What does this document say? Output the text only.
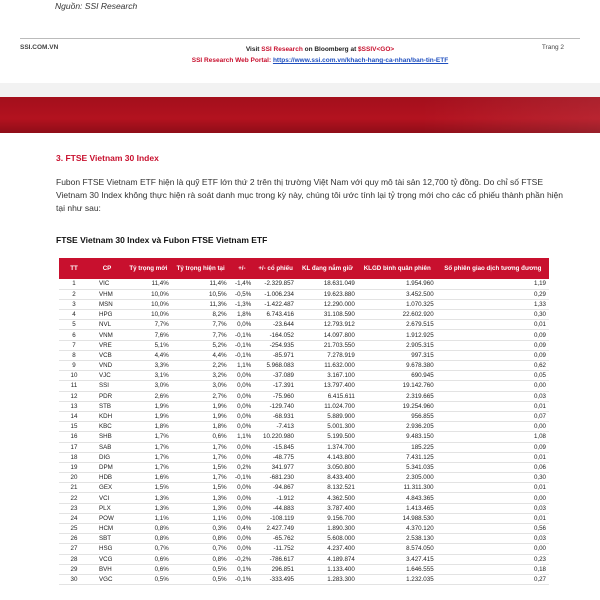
Nguồn: SSI Research
SSI.COM.VN	Visit SSI Research on Bloomberg at $SSIV<GO>
SSI Research Web Portal: https://www.ssi.com.vn/khach-hang-ca-nhan/ban-tin-ETF
Trang 2
3. FTSE Vietnam 30 Index
Fubon FTSE Vietnam ETF hiện là quỹ ETF lớn thứ 2 trên thị trường Việt Nam với quy mô tài sản 12,700 tỷ đồng. Do chỉ số FTSE Vietnam 30 Index không thực hiện rà soát danh mục trong kỳ này, chúng tôi ước tính lại tỷ trọng mới cho các cổ phiếu thành phần hiện tại như sau:
FTSE Vietnam 30 Index và Fubon FTSE Vietnam ETF
TT	CP	Tỷ trọng mới	Tỷ trọng hiện tại	+/-	+/- cổ phiếu	KL đang nắm giữ	KLGD bình quân phiên	Số phiên giao dịch tương đương
1	VIC	11,4%	11,4%	-1,4%	-2.329.857	18.631.049	1.954.960	1,19
2	VHM	10,0%	10,5%	-0,5%	-1.006.234	19.623.880	3.452.500	0,29
3	MSN	10,0%	11,3%	-1,3%	-1.422.487	12.290.000	1.070.325	1,33
4	HPG	10,0%	8,2%	1,8%	6.743.416	31.108.590	22.602.920	0,30
5	NVL	7,7%	7,7%	0,0%	-23.644	12.793.912	2.679.515	0,01
6	VNM	7,6%	7,7%	-0,1%	-164.052	14.097.800	1.912.925	0,09
7	VRE	5,1%	5,2%	-0,1%	-254.935	21.703.550	2.905.315	0,09
8	VCB	4,4%	4,4%	-0,1%	-85.971	7.278.919	997.315	0,09
9	VND	3,3%	2,2%	1,1%	5.968.083	11.632.000	9.678.380	0,62
10	VJC	3,1%	3,2%	0,0%	-37.089	3.167.100	690.945	0,05
11	SSI	3,0%	3,0%	0,0%	-17.391	13.797.400	19.142.760	0,00
12	PDR	2,6%	2,7%	0,0%	-75.960	6.415.611	2.319.665	0,03
13	STB	1,9%	1,9%	0,0%	-129.740	11.024.700	19.254.960	0,01
14	KDH	1,9%	1,9%	0,0%	-68.931	5.889.900	956.855	0,07
15	KBC	1,8%	1,8%	0,0%	-7.413	5.001.300	2.936.205	0,00
16	SHB	1,7%	0,6%	1,1%	10.220.980	5.199.500	9.483.150	1,08
17	SAB	1,7%	1,7%	0,0%	-15.845	1.374.700	185.225	0,09
18	DIG	1,7%	1,7%	0,0%	-48.775	4.143.800	7.431.125	0,01
19	DPM	1,7%	1,5%	0,2%	341.977	3.050.800	5.341.035	0,06
20	HDB	1,6%	1,7%	-0,1%	-681.230	8.433.400	2.305.000	0,30
21	GEX	1,5%	1,5%	0,0%	-94.867	8.132.521	11.311.300	0,01
22	VCI	1,3%	1,3%	0,0%	-1.912	4.362.500	4.843.365	0,00
23	PLX	1,3%	1,3%	0,0%	-44.883	3.787.400	1.413.465	0,03
24	POW	1,1%	1,1%	0,0%	-108.119	9.156.700	14.988.530	0,01
25	HCM	0,8%	0,3%	0,4%	2.427.749	1.890.300	4.370.120	0,56
26	SBT	0,8%	0,8%	0,0%	-65.762	5.608.000	2.538.130	0,03
27	HSG	0,7%	0,7%	0,0%	-11.752	4.237.400	8.574.050	0,00
28	VCG	0,6%	0,8%	-0,2%	-786.617	4.189.874	3.427.415	0,23
29	BVH	0,6%	0,5%	0,1%	296.851	1.133.400	1.646.555	0,18
30	VGC	0,5%	0,5%	-0,1%	-333.495	1.283.300	1.232.035	0,27
